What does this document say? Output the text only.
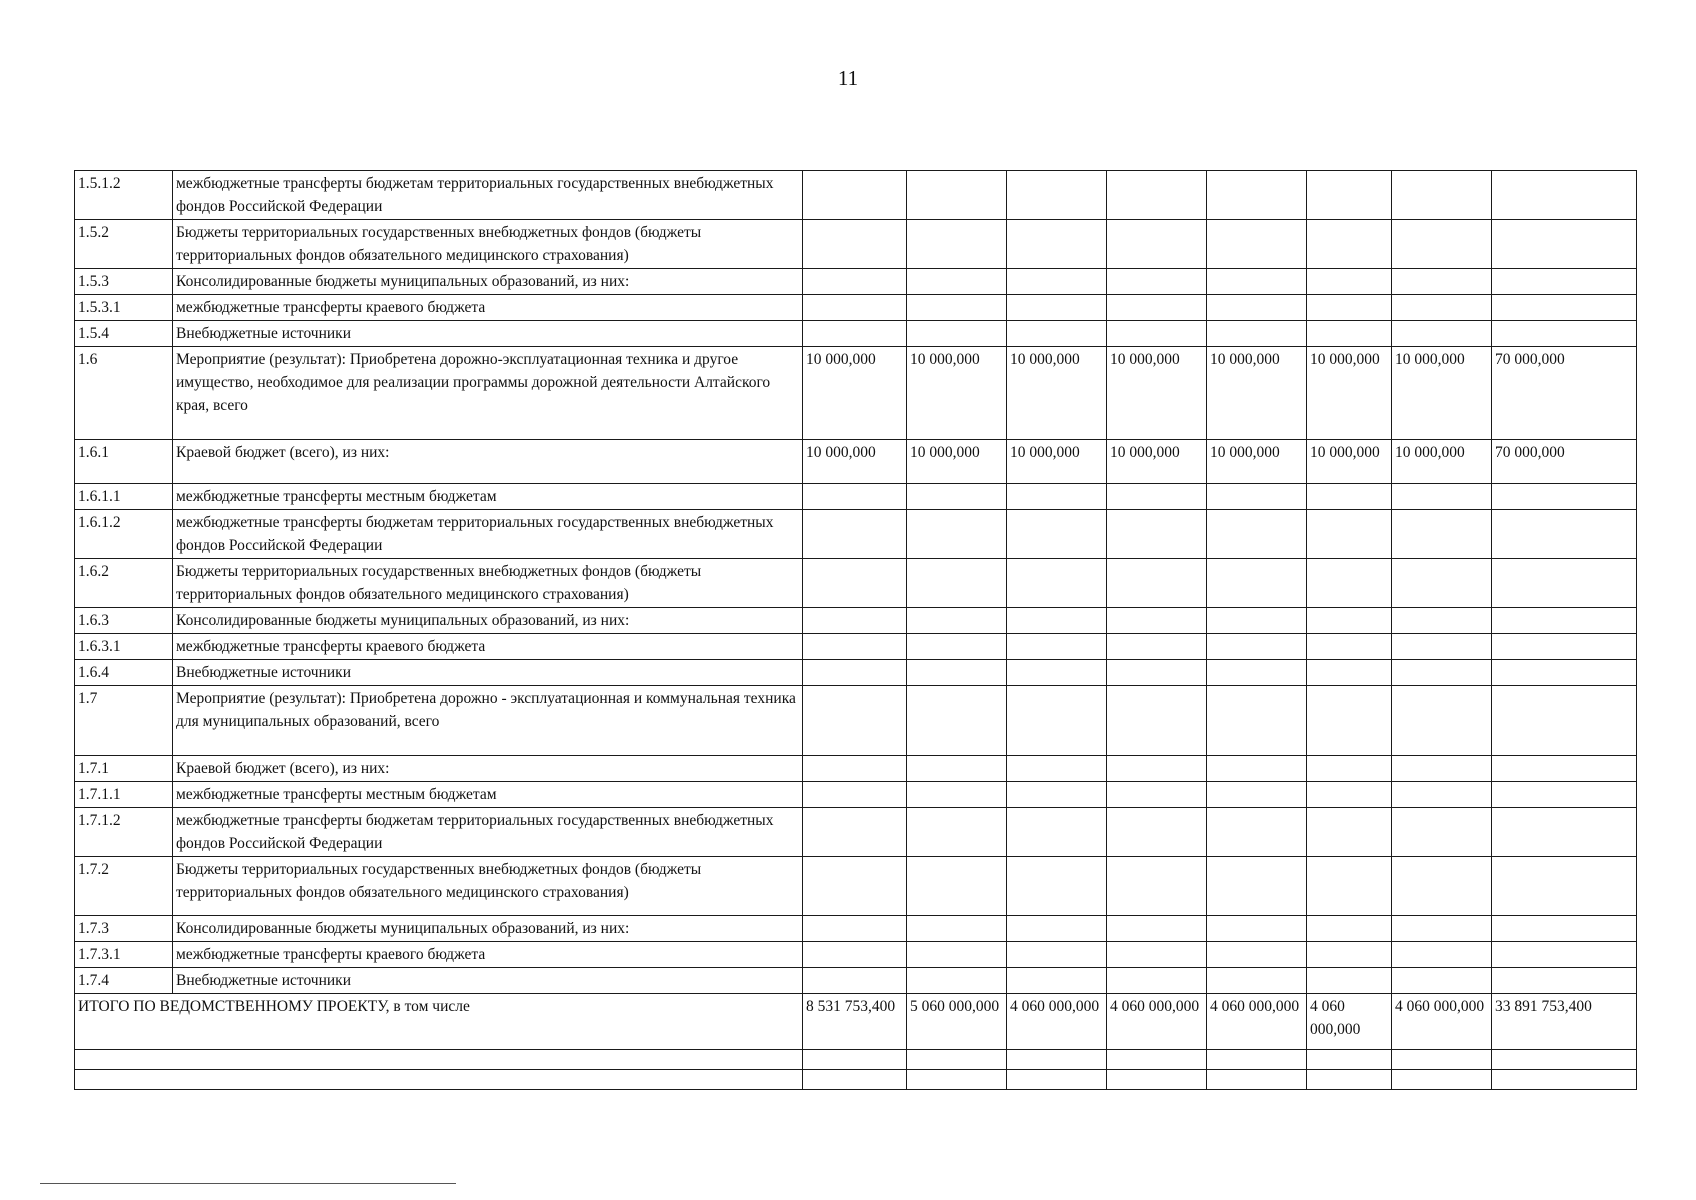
11
1.5.1.2	межбюджетные трансферты бюджетам территориальных государственных внебюджетных фондов Российской Федерации								
1.5.2	Бюджеты территориальных государственных внебюджетных фондов (бюджеты территориальных фондов обязательного медицинского страхования)								
1.5.3	Консолидированные бюджеты муниципальных образований, из них:								
1.5.3.1	межбюджетные трансферты краевого бюджета								
1.5.4	Внебюджетные источники								
1.6	Мероприятие (результат): Приобретена дорожно-эксплуатационная техника и другое имущество, необходимое для реализации программы дорожной деятельности Алтайского края, всего	10 000,000	10 000,000	10 000,000	10 000,000	10 000,000	10 000,000	10 000,000	70 000,000
1.6.1	Краевой бюджет (всего), из них:	10 000,000	10 000,000	10 000,000	10 000,000	10 000,000	10 000,000	10 000,000	70 000,000
1.6.1.1	межбюджетные трансферты местным бюджетам								
1.6.1.2	межбюджетные трансферты бюджетам территориальных государственных внебюджетных фондов Российской Федерации								
1.6.2	Бюджеты территориальных государственных внебюджетных фондов (бюджеты территориальных фондов обязательного медицинского страхования)								
1.6.3	Консолидированные бюджеты муниципальных образований, из них:								
1.6.3.1	межбюджетные трансферты краевого бюджета								
1.6.4	Внебюджетные источники								
1.7	Мероприятие (результат): Приобретена дорожно - эксплуатационная и коммунальная техника для муниципальных образований, всего								
1.7.1	Краевой бюджет (всего), из них:								
1.7.1.1	межбюджетные трансферты местным бюджетам								
1.7.1.2	межбюджетные трансферты бюджетам территориальных государственных внебюджетных фондов Российской Федерации								
1.7.2	Бюджеты территориальных государственных внебюджетных фондов (бюджеты территориальных фондов обязательного медицинского страхования)								
1.7.3	Консолидированные бюджеты муниципальных образований, из них:								
1.7.3.1	межбюджетные трансферты краевого бюджета								
1.7.4	Внебюджетные источники								
ИТОГО ПО ВЕДОМСТВЕННОМУ ПРОЕКТУ, в том числе		8 531 753,400	5 060 000,000	4 060 000,000	4 060 000,000	4 060 000,000	4 060 000,000	4 060 000,000	33 891 753,400
